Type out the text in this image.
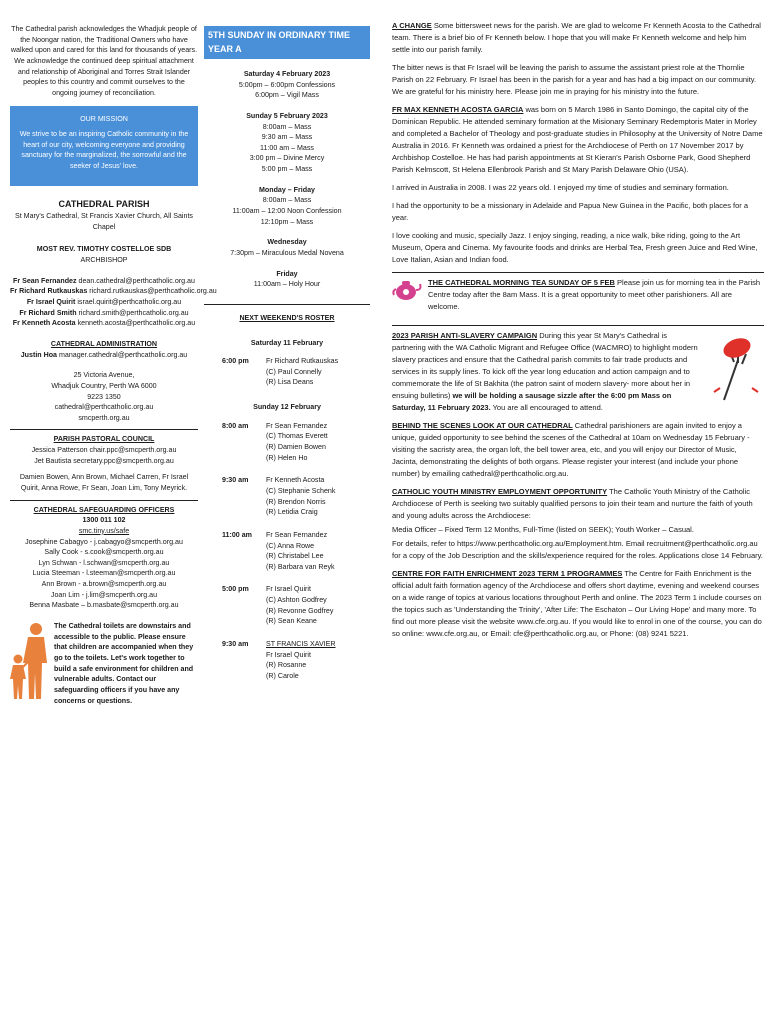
The Cathedral parish acknowledges the Whadjuk people of the Noongar nation, the Traditional Owners who have walked upon and cared for this land for thousands of years. We acknowledge the continued deep spiritual attachment and relationship of Aboriginal and Torres Strait Islander peoples to this country and commit ourselves to the ongoing journey of reconciliation.
OUR MISSION
We strive to be an inspiring Catholic community in the heart of our city, welcoming everyone and providing sanctuary for the marginalized, the sorrowful and the seeker of Jesus' love.
CATHEDRAL PARISH
St Mary's Cathedral, St Francis Xavier Church, All Saints Chapel
MOST REV. TIMOTHY COSTELLOE SDB
ARCHBISHOP
Fr Sean Fernandez dean.cathedral@perthcatholic.org.au
Fr Richard Rutkauskas richard.rutkauskas@perthcatholic.org.au
Fr Israel Quirit israel.quirit@perthcatholic.org.au
Fr Richard Smith richard.smith@perthcatholic.org.au
Fr Kenneth Acosta kenneth.acosta@perthcatholic.org.au
CATHEDRAL ADMINISTRATION
Justin Hoa manager.cathedral@perthcatholic.org.au
25 Victoria Avenue,
Whadjuk Country, Perth WA 6000
9223 1350
cathedral@perthcatholic.org.au
smcperth.org.au
PARISH PASTORAL COUNCIL
Jessica Patterson chair.ppc@smcperth.org.au
Jet Bautista secretary.ppc@smcperth.org.au
Damien Bowen, Ann Brown, Michael Carren, Fr Israel Quirit, Anna Rowe, Fr Sean, Joan Lim, Tony Meyrick.
CATHEDRAL SAFEGUARDING OFFICERS
1300 011 102
smc.tiny.us/safe
Josephine Cabagyo - j.cabagyo@smcperth.org.au
Sally Cook - s.cook@smcperth.org.au
Lyn Schwan - l.schwan@smcperth.org.au
Lucia Steeman - l.steeman@smcperth.org.au
Ann Brown - a.brown@smcperth.org.au
Joan Lim - j.lim@smcperth.org.au
Benna Masbate – b.masbate@smcperth.org.au
The Cathedral toilets are downstairs and accessible to the public. Please ensure that children are accompanied when they go to the toilets. Let's work together to build a safe environment for children and vulnerable adults. Contact our safeguarding officers if you have any concerns or questions.
5TH SUNDAY IN ORDINARY TIME YEAR A
Saturday 4 February 2023
5:00pm – 6:00pm Confessions
6:00pm – Vigil Mass
Sunday 5 February 2023
8:00am – Mass
9:30 am – Mass
11:00 am – Mass
3:00 pm – Divine Mercy
5:00 pm – Mass
Monday – Friday
8:00am – Mass
11:00am – 12:00 Noon Confession
12:10pm – Mass
Wednesday
7:30pm – Miraculous Medal Novena
Friday
11:00am – Holy Hour
NEXT WEEKEND'S ROSTER
Saturday 11 February
6:00 pm	Fr Richard Rutkauskas
(C) Paul Connelly
(R) Lisa Deans
Sunday 12 February
8:00 am	Fr Sean Fernandez
(C) Thomas Everett
(R) Damien Bowen
(R) Helen Ho
9:30 am	Fr Kenneth Acosta
(C) Stephanie Schenk
(R) Brendon Norris
(R) Letidia Craig
11:00 am	Fr Sean Fernandez
(C) Anna Rowe
(R) Christabel Lee
(R) Barbara van Reyk
5:00 pm	Fr Israel Quirit
(C) Ashton Godfrey
(R) Revonne Godfrey
(R) Sean Keane
9:30 am	ST FRANCIS XAVIER
Fr Israel Quirit
(R) Rosanne
(R) Carole

A CHANGE Some bittersweet news for the parish. We are glad to welcome Fr Kenneth Acosta to the Cathedral team. There is a brief bio of Fr Kenneth below. I hope that you will make Fr Kenneth welcome and help him settle into our parish family.

The bitter news is that Fr Israel will be leaving the parish to assume the assistant priest role at the Thornlie Parish on 22 February. Fr Israel has been in the parish for a year and has had a big impact on our community. We are grateful for his ministry here. Please join me in praying for his ministry into the future.

FR MAX KENNETH ACOSTA GARCIA was born on 5 March 1986 in Santo Domingo, the capital city of the Dominican Republic. He attended seminary formation at the Misionary Seminary Redemptoris Mater in Morley and completed a Bachelor of Theology and post-graduate studies in Philosophy at the University of Notre Dame Australia in 2016. Fr Kenneth was ordained a priest for the Archdiocese of Perth on 17 November 2017 by Archbishop Costelloe. He has had parish appointments at St Kieran's Parish Osborne Park, Good Shepherd Parish Kelmscott, St Helena Ellenbrook Parish and St Mary Parish Delaware Ohio (USA).

I arrived in Australia in 2008. I was 22 years old. I enjoyed my time of studies and seminary formation.

I had the opportunity to be a missionary in Adelaide and Papua New Guinea in the Pacific, both places for a year.

I love cooking and music, specially Jazz. I enjoy singing, reading, a nice walk, bike riding, going to the Art Museum, Opera and Cinema. My favourite foods and drinks are Herbal Tea, Fresh green Juice and Red Wine, Love Italian, Asian and Indian food.

THE CATHEDRAL MORNING TEA SUNDAY OF 5 FEB Please join us for morning tea in the Parish Centre today after the 8am Mass. It is a great opportunity to meet other parishioners. All are welcome.

2023 PARISH ANTI-SLAVERY CAMPAIGN During this year St Mary's Cathedral is partnering with the WA Catholic Migrant and Refugee Office (WACMRO) to highlight modern slavery practices and ensure that the Cathedral parish commits to fair trade products and services in its supply lines. To kick off the year long education and action campaign and to commemorate the life of St Bakhita (the patron saint of modern slavery- more about her in ensuing bulletins) we will be holding a sausage sizzle after the 6:00 pm Mass on Saturday, 11 February 2023. You are all encouraged to attend.

BEHIND THE SCENES LOOK AT OUR CATHEDRAL Cathedral parishioners are again invited to enjoy a unique, guided opportunity to see behind the scenes of the Cathedral at 10am on Wednesday 15 February - visiting the sacristy area, the organ loft, the bell tower area, etc, and you will enjoy our Director of Music, Jacinta, demonstrating the delights of both organs. Please register your interest (and include your phone number) by emailing cathedral@perthcatholic.org.au.

CATHOLIC YOUTH MINISTRY EMPLOYMENT OPPORTUNITY The Catholic Youth Ministry of the Catholic Archdiocese of Perth is seeking two suitably qualified persons to join their team and nurture the faith of youth and young adults across the Archdiocese:

Media Officer – Fixed Term 12 Months, Full-Time (listed on SEEK); Youth Worker – Casual.

For details, refer to https://www.perthcatholic.org.au/Employment.htm. Email recruitment@perthcatholic.org.au for a copy of the Job Description and the skills/experience required for the roles. Applications close 14 February.

CENTRE FOR FAITH ENRICHMENT 2023 TERM 1 PROGRAMMES The Centre for Faith Enrichment is the official adult faith formation agency of the Archdiocese and offers short daytime, evening and weekend courses on a wide range of topics at various locations throughout Perth and online. The 2023 Term 1 include courses on the topics such as 'Understanding the Trinity', 'After Life: The Eschaton – Our Living Hope' and many more. To find out more please visit the website www.cfe.org.au. If you would like to enrol in one of the course, you can do so online: www.cfe.org.au, or Email: cfe@perthcatholic.org.au, or Phone: (08) 9241 5221.
